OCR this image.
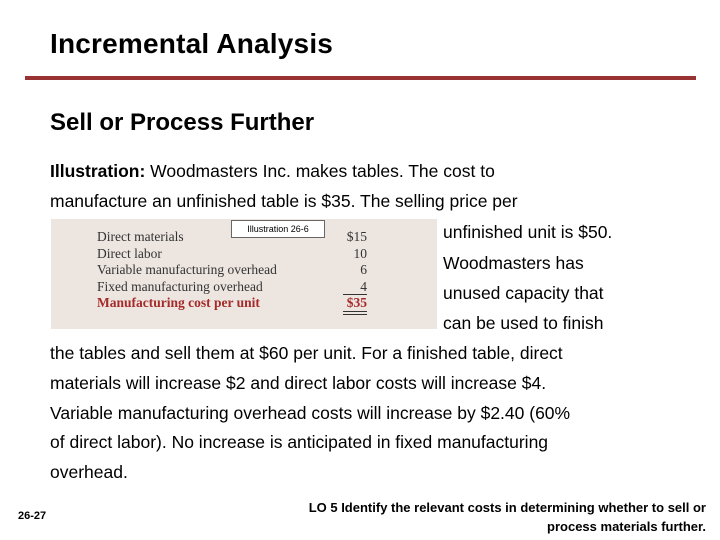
Incremental Analysis
Sell or Process Further
Illustration: Woodmasters Inc. makes tables. The cost to
manufacture an unfinished table is $35. The selling price per
unfinished unit is $50.
Woodmasters has
unused capacity that
can be used to finish
the tables and sell them at $60 per unit. For a finished table, direct
materials will increase $2 and direct labor costs will increase $4.
Variable manufacturing overhead costs will increase by $2.40 (60%
of direct labor). No increase is anticipated in fixed manufacturing
overhead.
Illustration 26-6
Direct materials	$15
Direct labor	10
Variable manufacturing overhead	6
Fixed manufacturing overhead	4
Manufacturing cost per unit	$35
26-27
LO 5 Identify the relevant costs in determining whether to sell or process materials further.
